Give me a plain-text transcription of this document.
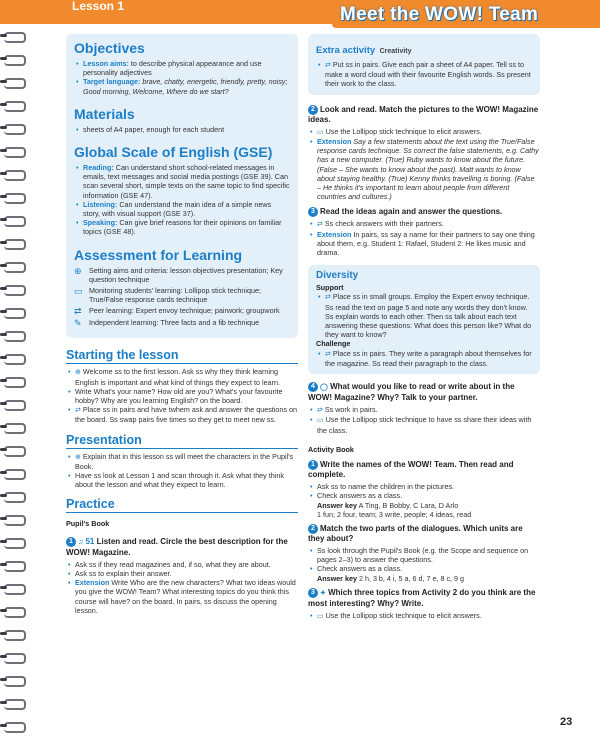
Lesson 1	Meet the WOW! Team
Objectives
• Lesson aims: to describe physical appearance and use personality adjectives
• Target language: brave, chatty, energetic, friendly, pretty, noisy; Good morning, Welcome, Where do we start?
Materials
• sheets of A4 paper, enough for each student
Global Scale of English (GSE)
• Reading: Can understand short school-related messages in emails, text messages and social media postings (GSE 39). Can scan several short, simple texts on the same topic to find specific information (GSE 47).
• Listening: Can understand the main idea of a simple news story, with visual support (GSE 37).
• Speaking: Can give brief reasons for their opinions on familiar topics (GSE 48).
Assessment for Learning
⊕	Setting aims and criteria: lesson objectives presentation; Key question technique
▭ Monitoring students' learning: Lollipop stick technique; True/False response cards technique
⇄	Peer learning: Expert envoy technique; pairwork; groupwork
✎	Independent learning: Three facts and a fib technique
Starting the lesson
• ⊕ Welcome ss to the first lesson. Ask ss why they think learning English is important and what kind of things they expect to learn.
• Write What's your name? How old are you? What's your favourite hobby? Why are you learning English? on the board.
• ⇄ Place ss in pairs and have twhem ask and answer the questions on the board. Ss swap pairs five times so they get to meet new ss.
Presentation
• ⊕ Explain that in this lesson ss will meet the characters in the Pupil's Book.
• Have ss look at Lesson 1 and scan through it. Ask what they think about the lesson and what they expect to learn.
Practice
Pupil's Book
1 ♫ 51 Listen and read. Circle the best description for the WOW! Magazine.
• Ask ss if they read magazines and, if so, what they are about.
• Ask ss to explain their answer.
• Extension Write Who are the new characters? What two ideas would you give the WOW! Team? What interesting topics do you think this course will have? on the board. In pairs, ss discuss the opening lesson.
Extra activity Creativity
• ⇄ Put ss in pairs. Give each pair a sheet of A4 paper. Tell ss to make a word cloud with their favourite English words. Ss present their work to the class.
2 Look and read. Match the pictures to the WOW! Magazine ideas.
• ▭ Use the Lollipop stick technique to elicit answers.
• Extension Say a few statements about the text using the True/False response cards technique. Ss correct the false statements, e.g. Cathy has a new computer. (True) Ruby wants to know about the future. (False – She wants to know about the past). Matt wants to know about staying healthy. (True) Kenny thinks travelling is boring. (False – He thinks it's important to learn about people from different countries and cultures.)
3 Read the ideas again and answer the questions.
• ⇄ Ss check answers with their partners.
• Extension In pairs, ss say a name for their partners to say one thing about them, e.g. Student 1: Rafael, Student 2: He likes music and drama.
Diversity
Support
• ⇄ Place ss in small groups. Employ the Expert envoy technique. Ss read the text on page 5 and note any words they don't know. Ss explain words to each other. Then ss talk about each text answering these questions: What does this person like? What do they want to know?
Challenge
• ⇄ Place ss in pairs. They write a paragraph about themselves for the magazine. Ss read their paragraph to the class.
4 ◯ What would you like to read or write about in the WOW! Magazine? Why? Talk to your partner.
• ⇄ Ss work in pairs.
• ▭ Use the Lollipop stick technique to have ss share their ideas with the class.
Activity Book
1 Write the names of the WOW! Team. Then read and complete.
• Ask ss to name the children in the pictures.
• Check answers as a class.
Answer key A Ting, B Bobby, C Lara, D Arlo
1 fun; 2 four, team; 3 write, people; 4 ideas, read
2 Match the two parts of the dialogues. Which units are they about?
• Ss look through the Pupil's Book (e.g. the Scope and sequence on pages 2–3) to answer the questions.
• Check answers as a class.
Answer key 2 h, 3 b, 4 i, 5 a, 6 d, 7 e, 8 c, 9 g
3 ✦ Which three topics from Activity 2 do you think are the most interesting? Why? Write.
• ▭ Use the Lollipop stick technique to elicit answers.
23
